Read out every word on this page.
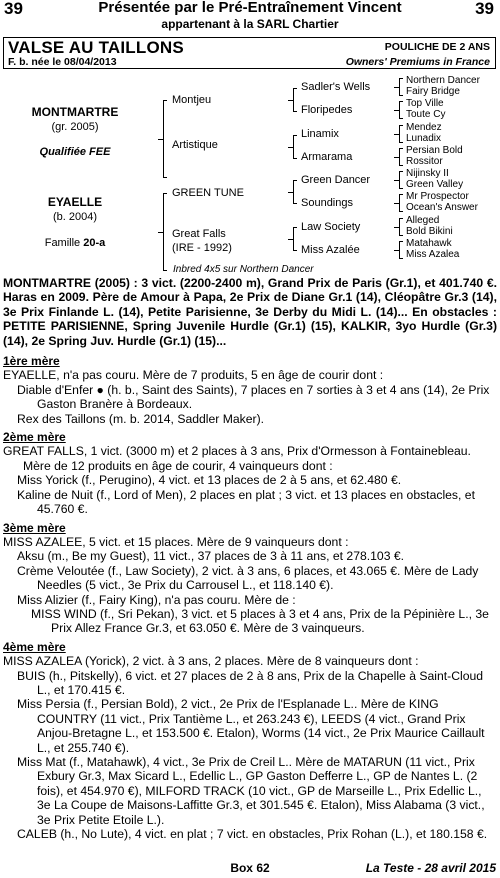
39	Présentée par le Pré-Entraînement Vincent	39
appartenant à la SARL Chartier
VALSE AU TAILLONS	POULICHE DE 2 ANS
F. b. née le 08/04/2013	Owners' Premiums in France
MONTMARTRE
(gr. 2005)
Qualifiée FEE
EYAELLE
(b. 2004)
Famille 20-a
Montjeu
Artistique
GREEN TUNE
Great Falls
(IRE - 1992)
Sadler's Wells
Floripedes
Linamix
Armarama
Green Dancer
Soundings
Law Society
Miss Azalée
Northern Dancer
Fairy Bridge
Top Ville
Toute Cy
Mendez
Lunadix
Persian Bold
Rossitor
Nijinsky II
Green Valley
Mr Prospector
Ocean's Answer
Alleged
Bold Bikini
Matahawk
Miss Azalea
Inbred 4x5 sur Northern Dancer

MONTMARTRE (2005) : 3 vict. (2200-2400 m), Grand Prix de Paris (Gr.1), et 401.740 €. Haras en 2009. Père de Amour à Papa, 2e Prix de Diane Gr.1 (14), Cléopâtre Gr.3 (14), 3e Prix Finlande L. (14), Petite Parisienne, 3e Derby du Midi L. (14)... En obstacles : PETITE PARISIENNE, Spring Juvenile Hurdle (Gr.1) (15), KALKIR, 3yo Hurdle (Gr.3) (14), 2e Spring Juv. Hurdle (Gr.1) (15)...

1ère mère

EYAELLE, n'a pas couru. Mère de 7 produits, 5 en âge de courir dont :

Diable d'Enfer ● (h. b., Saint des Saints), 7 places en 7 sorties à 3 et 4 ans (14), 2e Prix Gaston Branère à Bordeaux.

Rex des Taillons (m. b. 2014, Saddler Maker).

2ème mère

GREAT FALLS, 1 vict. (3000 m) et 2 places à 3 ans, Prix d'Ormesson à Fontainebleau. Mère de 12 produits en âge de courir, 4 vainqueurs dont :

Miss Yorick (f., Perugino), 4 vict. et 13 places de 2 à 5 ans, et 62.480 €.

Kaline de Nuit (f., Lord of Men), 2 places en plat ; 3 vict. et 13 places en obstacles, et 45.760 €.

3ème mère

MISS AZALEE, 5 vict. et 15 places. Mère de 9 vainqueurs dont :

Aksu (m., Be my Guest), 11 vict., 37 places de 3 à 11 ans, et 278.103 €.

Crème Veloutée (f., Law Society), 2 vict. à 3 ans, 6 places, et 43.065 €. Mère de Lady Needles (5 vict., 3e Prix du Carrousel L., et 118.140 €).

Miss Alizier (f., Fairy King), n'a pas couru. Mère de :

MISS WIND (f., Sri Pekan), 3 vict. et 5 places à 3 et 4 ans, Prix de la Pépinière L., 3e Prix Allez France Gr.3, et 63.050 €. Mère de 3 vainqueurs.

4ème mère

MISS AZALEA (Yorick), 2 vict. à 3 ans, 2 places. Mère de 8 vainqueurs dont :

BUIS (h., Pitskelly), 6 vict. et 27 places de 2 à 8 ans, Prix de la Chapelle à Saint-Cloud L., et 170.415 €.

Miss Persia (f., Persian Bold), 2 vict., 2e Prix de l'Esplanade L.. Mère de KING COUNTRY (11 vict., Prix Tantième L., et 263.243 €), LEEDS (4 vict., Grand Prix Anjou-Bretagne L., et 153.500 €. Etalon), Worms (14 vict., 2e Prix Maurice Caillault L., et 255.740 €).

Miss Mat (f., Matahawk), 4 vict., 3e Prix de Creil L.. Mère de MATARUN (11 vict., Prix Exbury Gr.3, Max Sicard L., Edellic L., GP Gaston Defferre L., GP de Nantes L. (2 fois), et 454.970 €), MILFORD TRACK (10 vict., GP de Marseille L., Prix Edellic L., 3e La Coupe de Maisons-Laffitte Gr.3, et 301.545 €. Etalon), Miss Alabama (3 vict., 3e Prix Petite Etoile L.).

CALEB (h., No Lute), 4 vict. en plat ; 7 vict. en obstacles, Prix Rohan (L.), et 180.158 €.

Box 62	La Teste - 28 avril 2015
